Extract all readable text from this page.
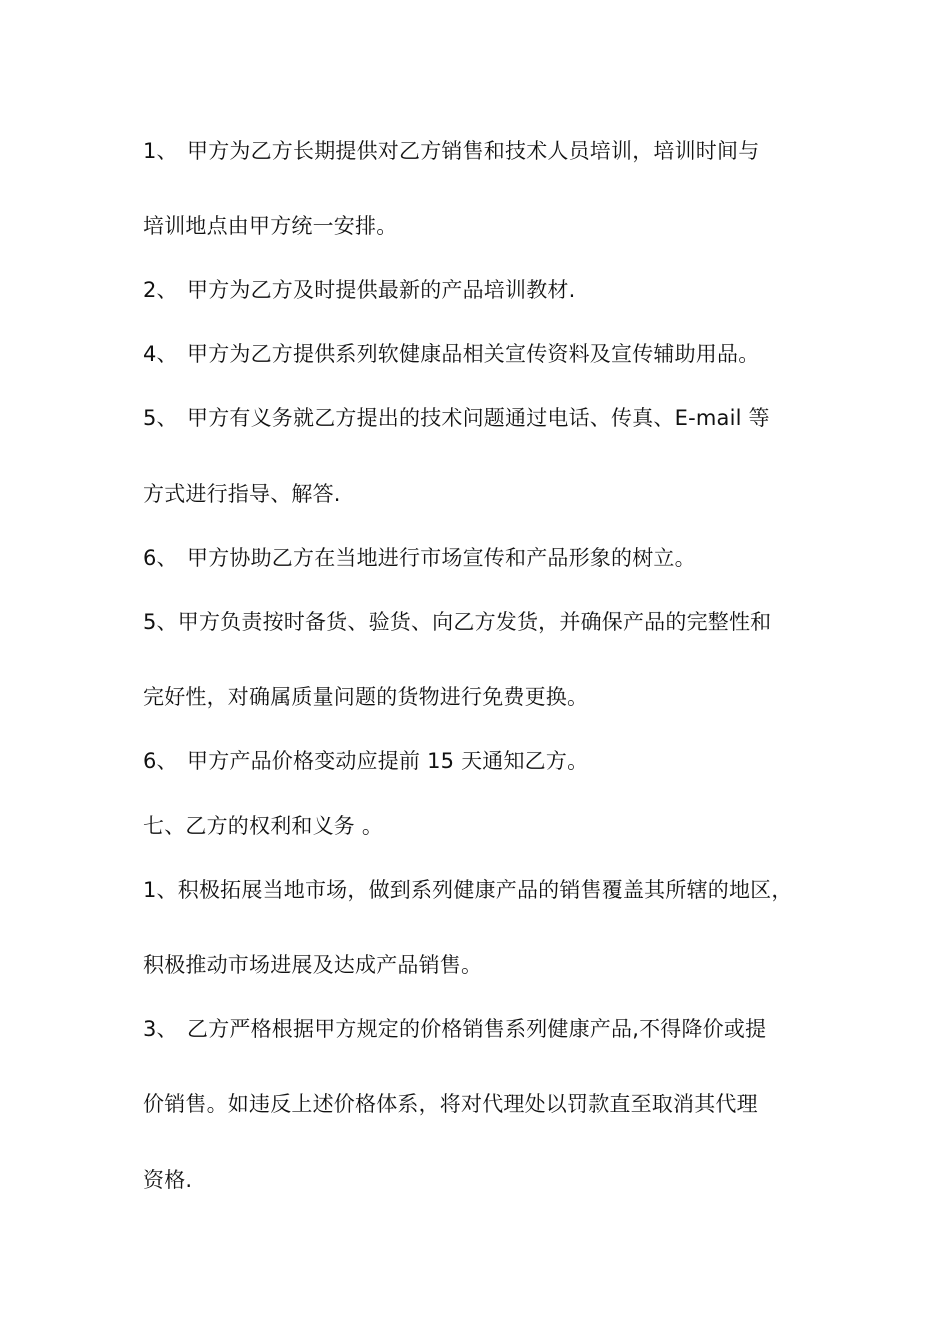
1、 甲方为乙方长期提供对乙方销售和技术人员培训，培训时间与
培训地点由甲方统一安排。
2、 甲方为乙方及时提供最新的产品培训教材.
4、 甲方为乙方提供系列软健康品相关宣传资料及宣传辅助用品。
5、 甲方有义务就乙方提出的技术问题通过电话、传真、E-mail 等
方式进行指导、解答.
6、 甲方协助乙方在当地进行市场宣传和产品形象的树立。
5、甲方负责按时备货、验货、向乙方发货，并确保产品的完整性和
完好性，对确属质量问题的货物进行免费更换。
6、 甲方产品价格变动应提前 15 天通知乙方。
七、乙方的权利和义务 。
1、积极拓展当地市场，做到系列健康产品的销售覆盖其所辖的地区，
积极推动市场进展及达成产品销售。
3、 乙方严格根据甲方规定的价格销售系列健康产品,不得降价或提
价销售。如违反上述价格体系，将对代理处以罚款直至取消其代理
资格.
